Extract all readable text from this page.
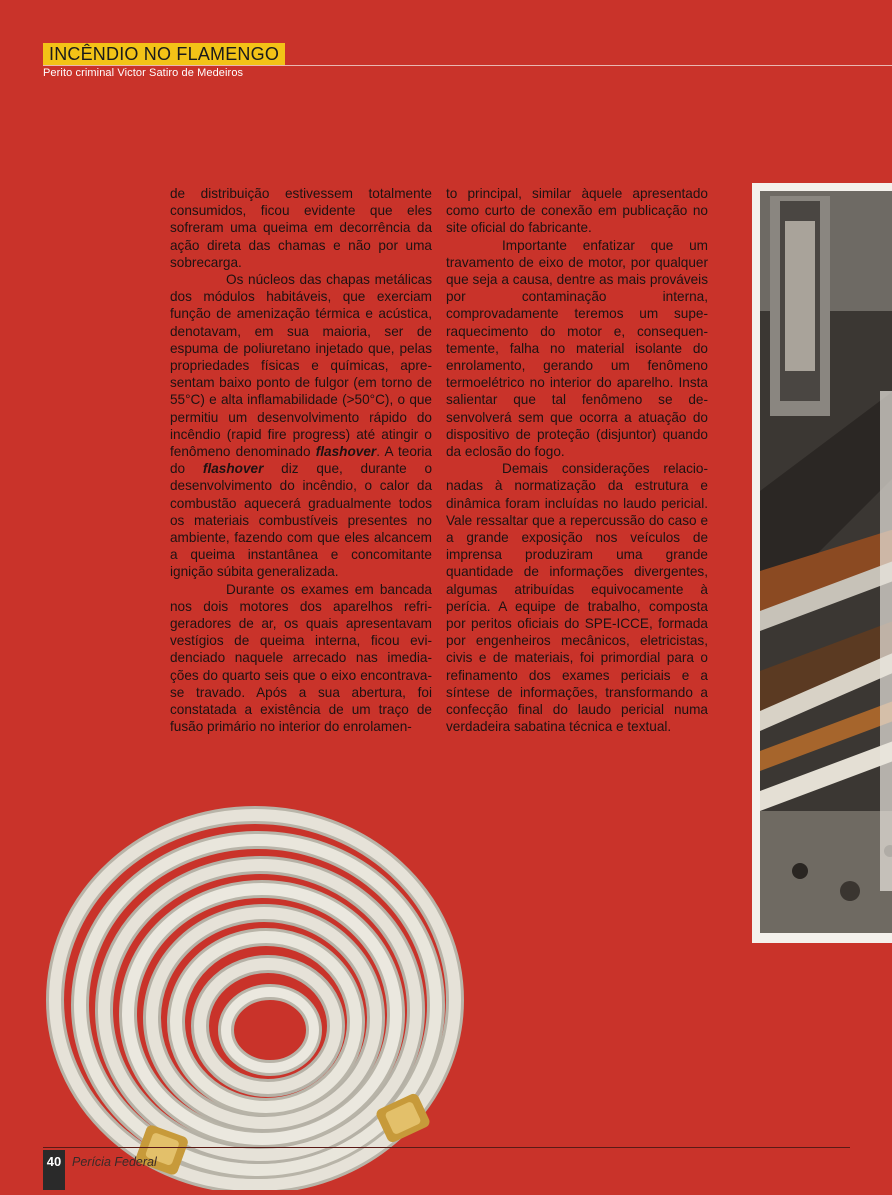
INCÊNDIO NO FLAMENGO
Perito criminal Victor Satiro de Medeiros

de distribuição estivessem totalmente consumidos, ficou evidente que eles sofreram uma queima em decorrência da ação direta das chamas e não por uma sobrecarga.

Os núcleos das chapas metálicas dos módulos habitáveis, que exerciam função de amenização térmica e acústica, denotavam, em sua maioria, ser de espuma de poliuretano injetado que, pelas propriedades físicas e químicas, apresentam baixo ponto de fulgor (em torno de 55°C) e alta inflamabilidade (>50°C), o que permitiu um desenvolvimento rápido do incêndio (rapid fire progress) até atingir o fenômeno denominado flashover. A teoria do flashover diz que, durante o desenvolvimento do incêndio, o calor da combustão aquecerá gradualmente todos os materiais combustíveis presentes no ambiente, fazendo com que eles alcancem a queima instantânea e concomitante ignição súbita generalizada.

Durante os exames em bancada nos dois motores dos aparelhos refrigeradores de ar, os quais apresentavam vestígios de queima interna, ficou evidenciado naquele arrecado nas imediações do quarto seis que o eixo encontrava-se travado. Após a sua abertura, foi constatada a existência de um traço de fusão primário no interior do enrolamen-

to principal, similar àquele apresentado como curto de conexão em publicação no site oficial do fabricante.

Importante enfatizar que um travamento de eixo de motor, por qualquer que seja a causa, dentre as mais prováveis por contaminação interna, comprovadamente teremos um superaquecimento do motor e, consequentemente, falha no material isolante do enrolamento, gerando um fenômeno termoelétrico no interior do aparelho. Insta salientar que tal fenômeno se desenvolverá sem que ocorra a atuação do dispositivo de proteção (disjuntor) quando da eclosão do fogo.

Demais considerações relacionadas à normatização da estrutura e dinâmica foram incluídas no laudo pericial. Vale ressaltar que a repercussão do caso e a grande exposição nos veículos de imprensa produziram uma grande quantidade de informações divergentes, algumas atribuídas equivocamente à perícia. A equipe de trabalho, composta por peritos oficiais do SPE-ICCE, formada por engenheiros mecânicos, eletricistas, civis e de materiais, foi primordial para o refinamento dos exames periciais e a síntese de informações, transformando a confecção final do laudo pericial numa verdadeira sabatina técnica e textual.

40 Perícia Federal
